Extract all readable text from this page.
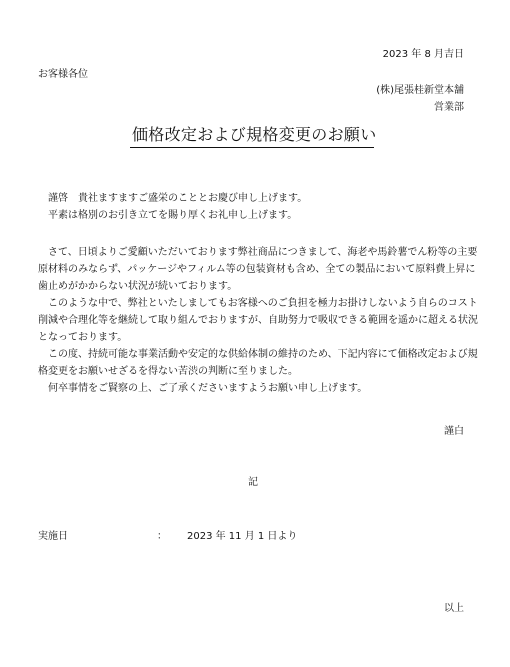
2023 年 8 月吉日
お客様各位
(株)尾張桂新堂本舗
営業部
価格改定および規格変更のお願い

謹啓　貴社ますますご盛栄のこととお慶び申し上げます。

平素は格別のお引き立てを賜り厚くお礼申し上げます。

さて、日頃よりご愛顧いただいております弊社商品につきまして、海老や馬鈴薯でん粉等の主要原材料のみならず、パッケージやフィルム等の包装資材も含め、全ての製品において原料費上昇に歯止めがかからない状況が続いております。

このような中で、弊社といたしましてもお客様へのご負担を極力お掛けしないよう自らのコスト削減や合理化等を継続して取り組んでおりますが、自助努力で吸収できる範囲を遥かに超える状況となっております。

この度、持続可能な事業活動や安定的な供給体制の維持のため、下記内容にて価格改定および規格変更をお願いせざるを得ない苦渋の判断に至りました。

何卒事情をご賢察の上、ご了承くださいますようお願い申し上げます。

謹白
記
実施日	： 2023 年 11 月 1 日より
以上
